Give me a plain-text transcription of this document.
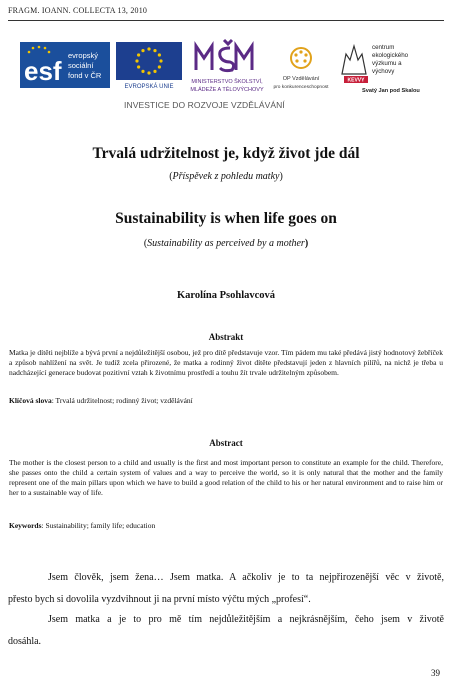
FRAGM. IOANN. COLLECTA 13, 2010
esf
evropský
sociální
fond v ČR
EVROPSKÁ UNIE
MINISTERSTVO ŠKOLSTVÍ,
MLÁDEŽE A TĚLOVÝCHOVY
OP Vzdělávání
pro konkurenceschopnost
KEVVY
centrum
ekologického
výzkumu a
výchovy
Svatý Jan pod Skalou
INVESTICE DO ROZVOJE VZDĚLÁVÁNÍ
Trvalá udržitelnost je, když život jde dál
(Příspěvek z pohledu matky)
Sustainability is when life goes on
(Sustainability as perceived by a mother)
Karolína Psohlavcová
Abstrakt

Matka je dítěti nejblíže a bývá první a nejdůležitější osobou, jež pro dítě představuje vzor. Tím pádem mu také předává jistý hodnotový žebříček a způsob nahlížení na svět. Je tudíž zcela přirozené, že matka a rodinný život dítěte představují jeden z hlavních pilířů, na nichž je třeba u nadcházející generace budovat pozitivní vztah k životnímu prostředí a touhu žít trvale udržitelným způsobem.

Klíčová slova: Trvalá udržitelnost; rodinný život; vzdělávání
Abstract

The mother is the closest person to a child and usually is the first and most important person to constitute an example for the child. Therefore, she passes onto the child a certain system of values and a way to perceive the world, so it is only natural that the mother and the family represent one of the main pillars upon which we have to build a good relation of the child to his or her natural environment and to raise him or her to a sustainable way of life.

Keywords: Sustainability; family life; education
Jsem člověk, jsem žena… Jsem matka. A ačkoliv je to ta nejpřirozenější věc v životě,
přesto bych si dovolila vyzdvihnout ji na první místo výčtu mých „profesí“.
Jsem matka a je to pro mě tím nejdůležitějším a nejkrásnějším, čeho jsem v životě
dosáhla.
39
